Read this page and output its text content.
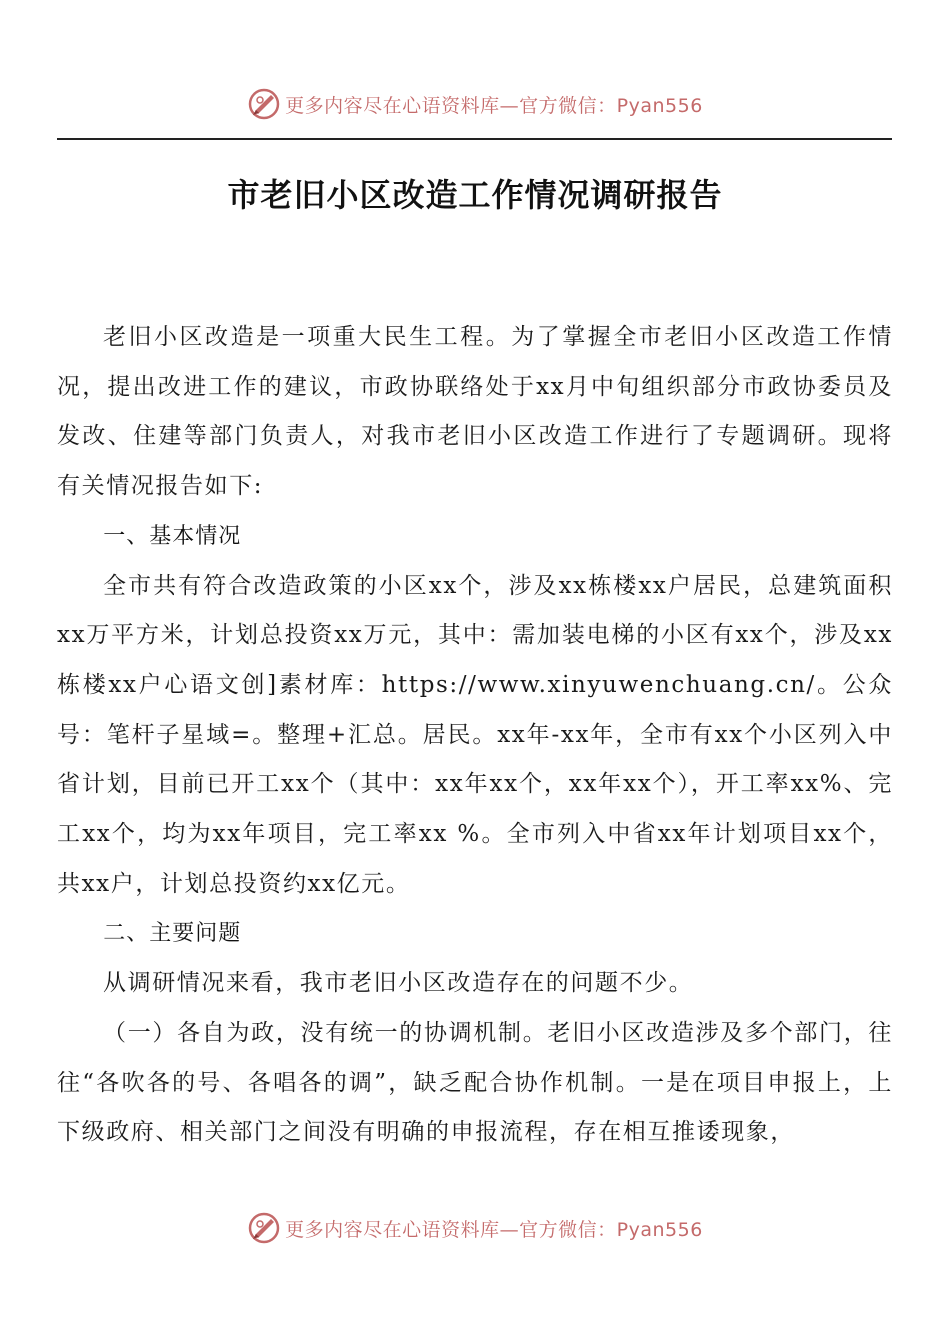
更多内容尽在心语资料库—官方微信：Pyan556
市老旧小区改造工作情况调研报告

老旧小区改造是一项重大民生工程。为了掌握全市老旧小区改造工作情况，提出改进工作的建议，市政协联络处于xx月中旬组织部分市政协委员及发改、住建等部门负责人，对我市老旧小区改造工作进行了专题调研。现将有关情况报告如下:

一、基本情况

全市共有符合改造政策的小区xx个，涉及xx栋楼xx户居民，总建筑面积xx万平方米，计划总投资xx万元，其中：需加装电梯的小区有xx个，涉及xx栋楼xx户心语文创]素材库：https://www.xinyuwenchuang.cn/。公众号：笔杆子星域=。整理+汇总。居民。xx年-xx年，全市有xx个小区列入中省计划，目前已开工xx个（其中：xx年xx个，xx年xx个），开工率xx%、完工xx个，均为xx年项目，完工率xx %。全市列入中省xx年计划项目xx个，共xx户，计划总投资约xx亿元。

二、主要问题

从调研情况来看，我市老旧小区改造存在的问题不少。

（一）各自为政，没有统一的协调机制。老旧小区改造涉及多个部门，往往“各吹各的号、各唱各的调”，缺乏配合协作机制。一是在项目申报上，上下级政府、相关部门之间没有明确的申报流程，存在相互推诿现象，

更多内容尽在心语资料库—官方微信：Pyan556
